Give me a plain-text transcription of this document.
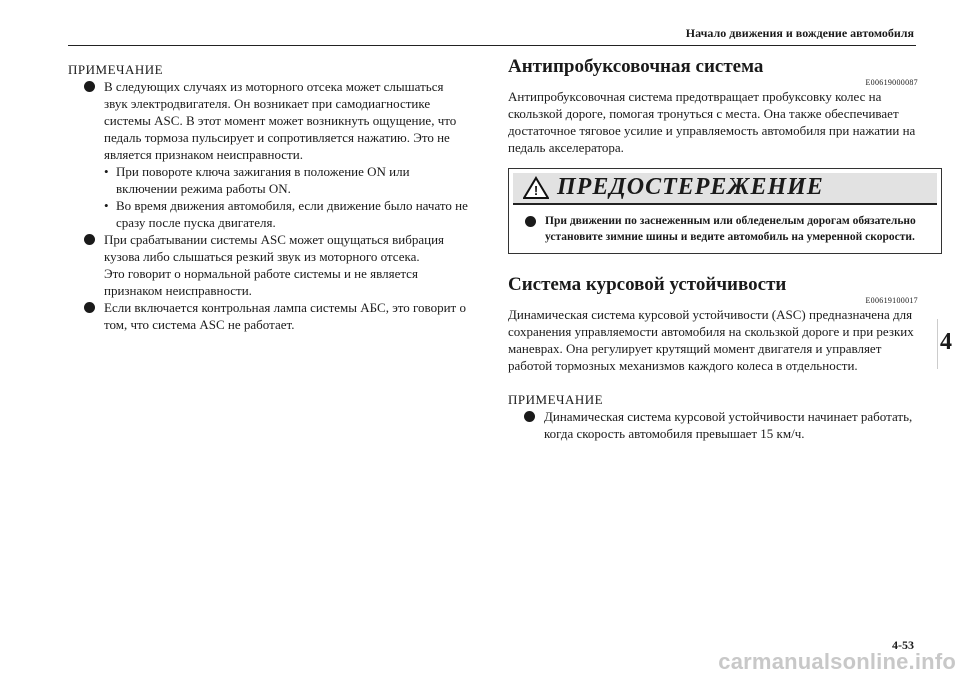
Начало движения и вождение автомобиля
ПРИМЕЧАНИЕ
В следующих случаях из моторного отсека может слышаться звук электродвигателя. Он возникает при самодиагностике системы ASC. В этот момент может возникнуть ощущение, что педаль тормоза пульсирует и сопротивляется нажатию. Это не является признаком неисправности.
• При повороте ключа зажигания в положение ON или включении режима работы ON.
• Во время движения автомобиля, если движение было начато не сразу после пуска двигателя.
При срабатывании системы ASC может ощущаться вибрация кузова либо слышаться резкий звук из моторного отсека.
Это говорит о нормальной работе системы и не является признаком неисправности.
Если включается контрольная лампа системы АБС, это говорит о том, что система ASC не работает.
Антипробуксовочная система
E00619000087
Антипробуксовочная система предотвращает пробуксовку колес на скользкой дороге, помогая тронуться с места. Она также обеспечивает достаточное тяговое усилие и управляемость автомобиля при нажатии на педаль акселератора.
! ПРЕДОСТЕРЕЖЕНИЕ
При движении по заснеженным или обледенелым дорогам обязательно установите зимние шины и ведите автомобиль на умеренной скорости.
Система курсовой устойчивости
E00619100017
Динамическая система курсовой устойчивости (ASC) предназначена для сохранения управляемости автомобиля на скользкой дороге и при резких маневрах. Она регулирует крутящий момент двигателя и управляет работой тормозных механизмов каждого колеса в отдельности.
ПРИМЕЧАНИЕ
Динамическая система курсовой устойчивости начинает работать, когда скорость автомобиля превышает 15 км/ч.
4
4-53
carmanualsonline.info
